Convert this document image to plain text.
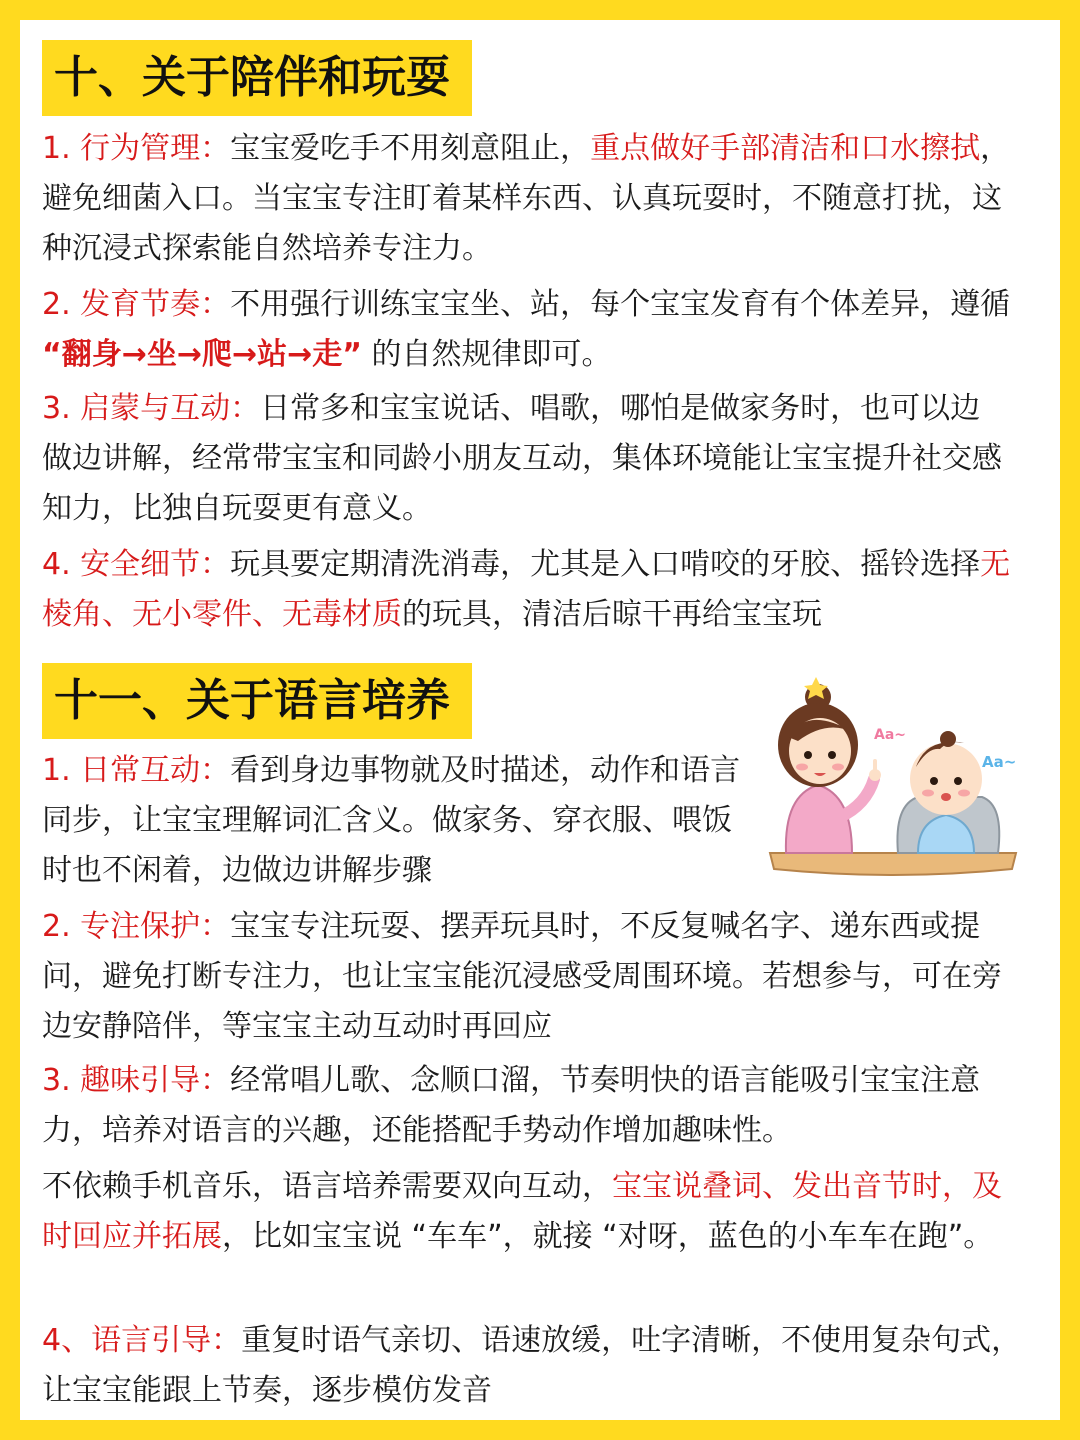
十、关于陪伴和玩耍
1. 行为管理：宝宝爱吃手不用刻意阻止，重点做好手部清洁和口水擦拭，避免细菌入口。当宝宝专注盯着某样东西、认真玩耍时，不随意打扰，这种沉浸式探索能自然培养专注力。
2. 发育节奏：不用强行训练宝宝坐、站，每个宝宝发育有个体差异，遵循 “翻身→坐→爬→站→走” 的自然规律即可。
3. 启蒙与互动：日常多和宝宝说话、唱歌，哪怕是做家务时，也可以边做边讲解，经常带宝宝和同龄小朋友互动，集体环境能让宝宝提升社交感知力，比独自玩耍更有意义。
4. 安全细节：玩具要定期清洗消毒，尤其是入口啃咬的牙胶、摇铃选择无棱角、无小零件、无毒材质的玩具，清洁后晾干再给宝宝玩
十一、关于语言培养
Aa~
Aa~
1. 日常互动：看到身边事物就及时描述，动作和语言同步，让宝宝理解词汇含义。做家务、穿衣服、喂饭时也不闲着，边做边讲解步骤
2. 专注保护：宝宝专注玩耍、摆弄玩具时，不反复喊名字、递东西或提问，避免打断专注力，也让宝宝能沉浸感受周围环境。若想参与，可在旁边安静陪伴，等宝宝主动互动时再回应
3. 趣味引导：经常唱儿歌、念顺口溜，节奏明快的语言能吸引宝宝注意力，培养对语言的兴趣，还能搭配手势动作增加趣味性。
不依赖手机音乐，语言培养需要双向互动，宝宝说叠词、发出音节时，及时回应并拓展，比如宝宝说 “车车”，就接 “对呀，蓝色的小车车在跑”。
4、语言引导：重复时语气亲切、语速放缓，吐字清晰，不使用复杂句式，让宝宝能跟上节奏，逐步模仿发音
